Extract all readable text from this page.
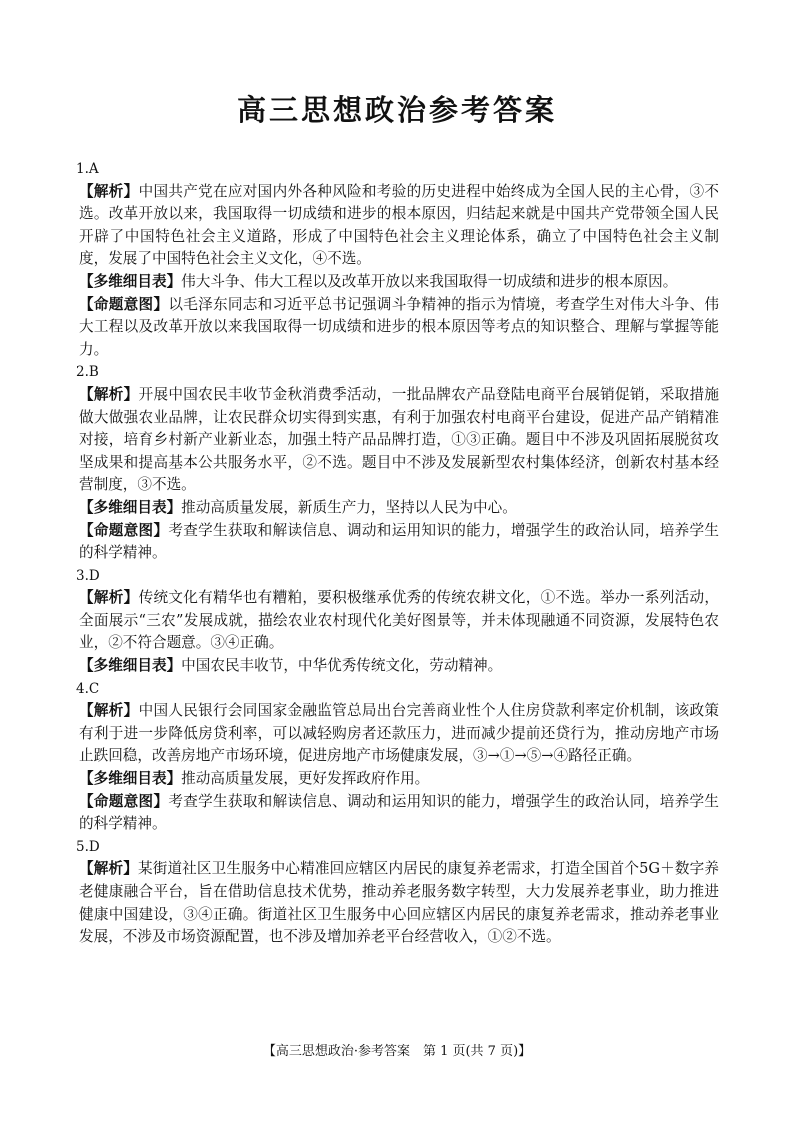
高三思想政治参考答案
1.A
【解析】中国共产党在应对国内外各种风险和考验的历史进程中始终成为全国人民的主心骨，③不选。改革开放以来，我国取得一切成绩和进步的根本原因，归结起来就是中国共产党带领全国人民开辟了中国特色社会主义道路，形成了中国特色社会主义理论体系，确立了中国特色社会主义制度，发展了中国特色社会主义文化，④不选。
【多维细目表】伟大斗争、伟大工程以及改革开放以来我国取得一切成绩和进步的根本原因。
【命题意图】以毛泽东同志和习近平总书记强调斗争精神的指示为情境，考查学生对伟大斗争、伟大工程以及改革开放以来我国取得一切成绩和进步的根本原因等考点的知识整合、理解与掌握等能力。
2.B
【解析】开展中国农民丰收节金秋消费季活动，一批品牌农产品登陆电商平台展销促销，采取措施做大做强农业品牌，让农民群众切实得到实惠，有利于加强农村电商平台建设，促进产品产销精准对接，培育乡村新产业新业态，加强土特产品品牌打造，①③正确。题目中不涉及巩固拓展脱贫攻坚成果和提高基本公共服务水平，②不选。题目中不涉及发展新型农村集体经济，创新农村基本经营制度，③不选。
【多维细目表】推动高质量发展，新质生产力，坚持以人民为中心。
【命题意图】考查学生获取和解读信息、调动和运用知识的能力，增强学生的政治认同，培养学生的科学精神。
3.D
【解析】传统文化有精华也有糟粕，要积极继承优秀的传统农耕文化，①不选。举办一系列活动，全面展示“三农”发展成就，描绘农业农村现代化美好图景等，并未体现融通不同资源，发展特色农业，②不符合题意。③④正确。
【多维细目表】中国农民丰收节，中华优秀传统文化，劳动精神。
4.C
【解析】中国人民银行会同国家金融监管总局出台完善商业性个人住房贷款利率定价机制，该政策有利于进一步降低房贷利率，可以减轻购房者还款压力，进而减少提前还贷行为，推动房地产市场止跌回稳，改善房地产市场环境，促进房地产市场健康发展，③→①→⑤→④路径正确。
【多维细目表】推动高质量发展，更好发挥政府作用。
【命题意图】考查学生获取和解读信息、调动和运用知识的能力，增强学生的政治认同，培养学生的科学精神。
5.D
【解析】某街道社区卫生服务中心精准回应辖区内居民的康复养老需求，打造全国首个5G＋数字养老健康融合平台，旨在借助信息技术优势，推动养老服务数字转型，大力发展养老事业，助力推进健康中国建设，③④正确。街道社区卫生服务中心回应辖区内居民的康复养老需求，推动养老事业发展，不涉及市场资源配置，也不涉及增加养老平台经营收入，①②不选。
【高三思想政治·参考答案　第 1 页(共 7 页)】
